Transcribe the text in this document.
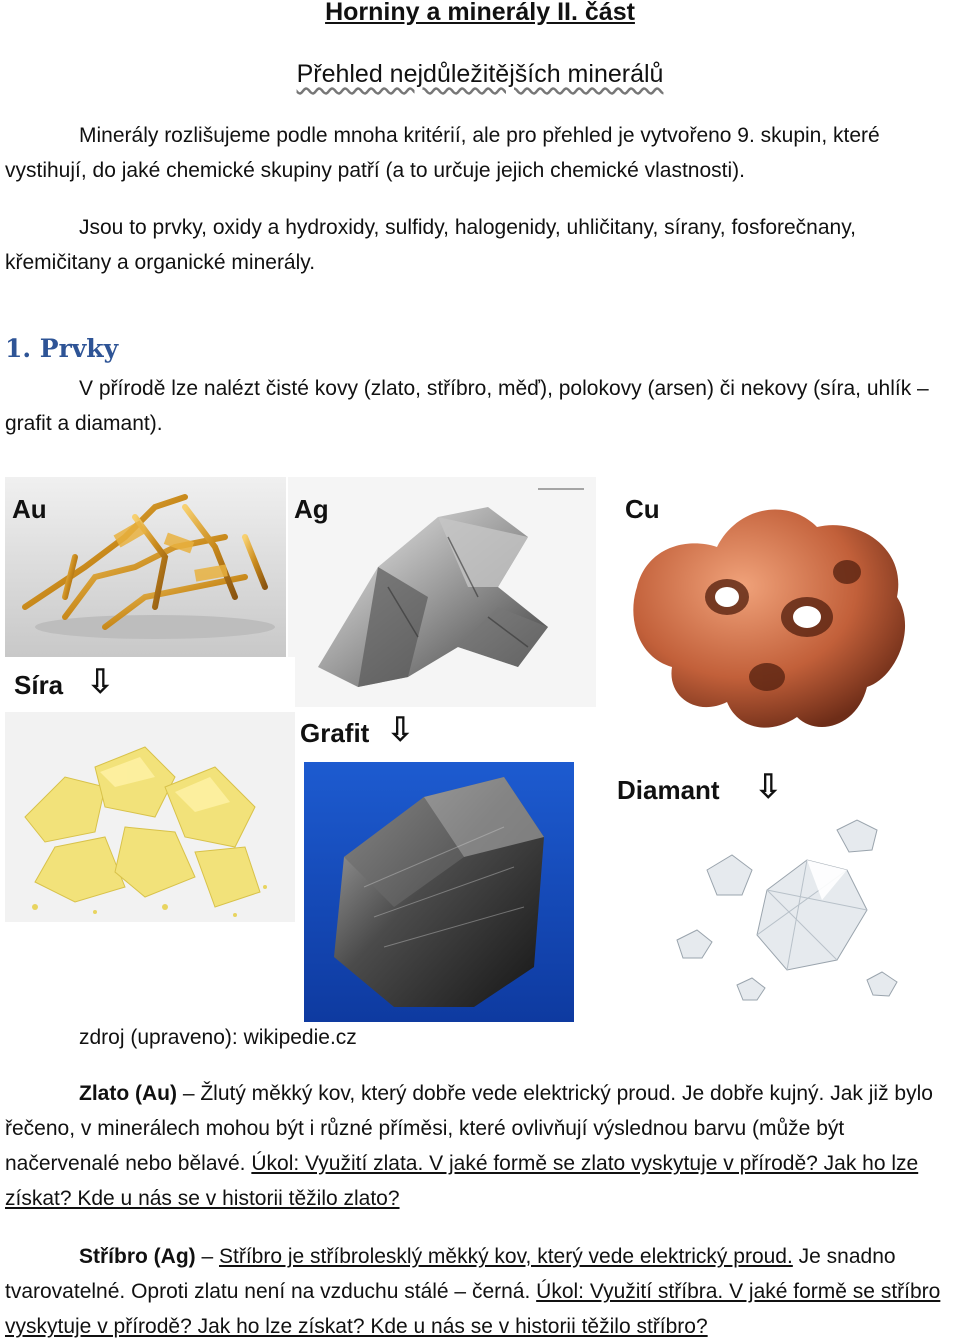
Horniny a minerály II. část
Přehled nejdůležitějších minerálů

Minerály rozlišujeme podle mnoha kritérií, ale pro přehled je vytvořeno 9. skupin, které vystihují, do jaké chemické skupiny patří (a to určuje jejich chemické vlastnosti).

Jsou to prvky, oxidy a hydroxidy, sulfidy, halogenidy, uhličitany, sírany, fosforečnany, křemičitany a organické minerály.

1. Prvky

V přírodě lze nalézt čisté kovy (zlato, stříbro, měď), polokovy (arsen) či nekovy (síra, uhlík – grafit a diamant).

Au	Ag	Cu
Síra ⇩
Grafit ⇩
Diamant ⇩

zdroj (upraveno): wikipedie.cz

Zlato (Au) – Žlutý měkký kov, který dobře vede elektrický proud. Je dobře kujný. Jak již bylo řečeno, v minerálech mohou být i různé příměsi, které ovlivňují výslednou barvu (může být načervenalé nebo bělavé. Úkol: Využití zlata. V jaké formě se zlato vyskytuje v přírodě? Jak ho lze získat? Kde u nás se v historii těžilo zlato?

Stříbro (Ag) – Stříbro je stříbrolesklý měkký kov, který vede elektrický proud. Je snadno tvarovatelné. Oproti zlatu není na vzduchu stálé – černá. Úkol: Využití stříbra. V jaké formě se stříbro vyskytuje v přírodě? Jak ho lze získat? Kde u nás se v historii těžilo stříbro?
